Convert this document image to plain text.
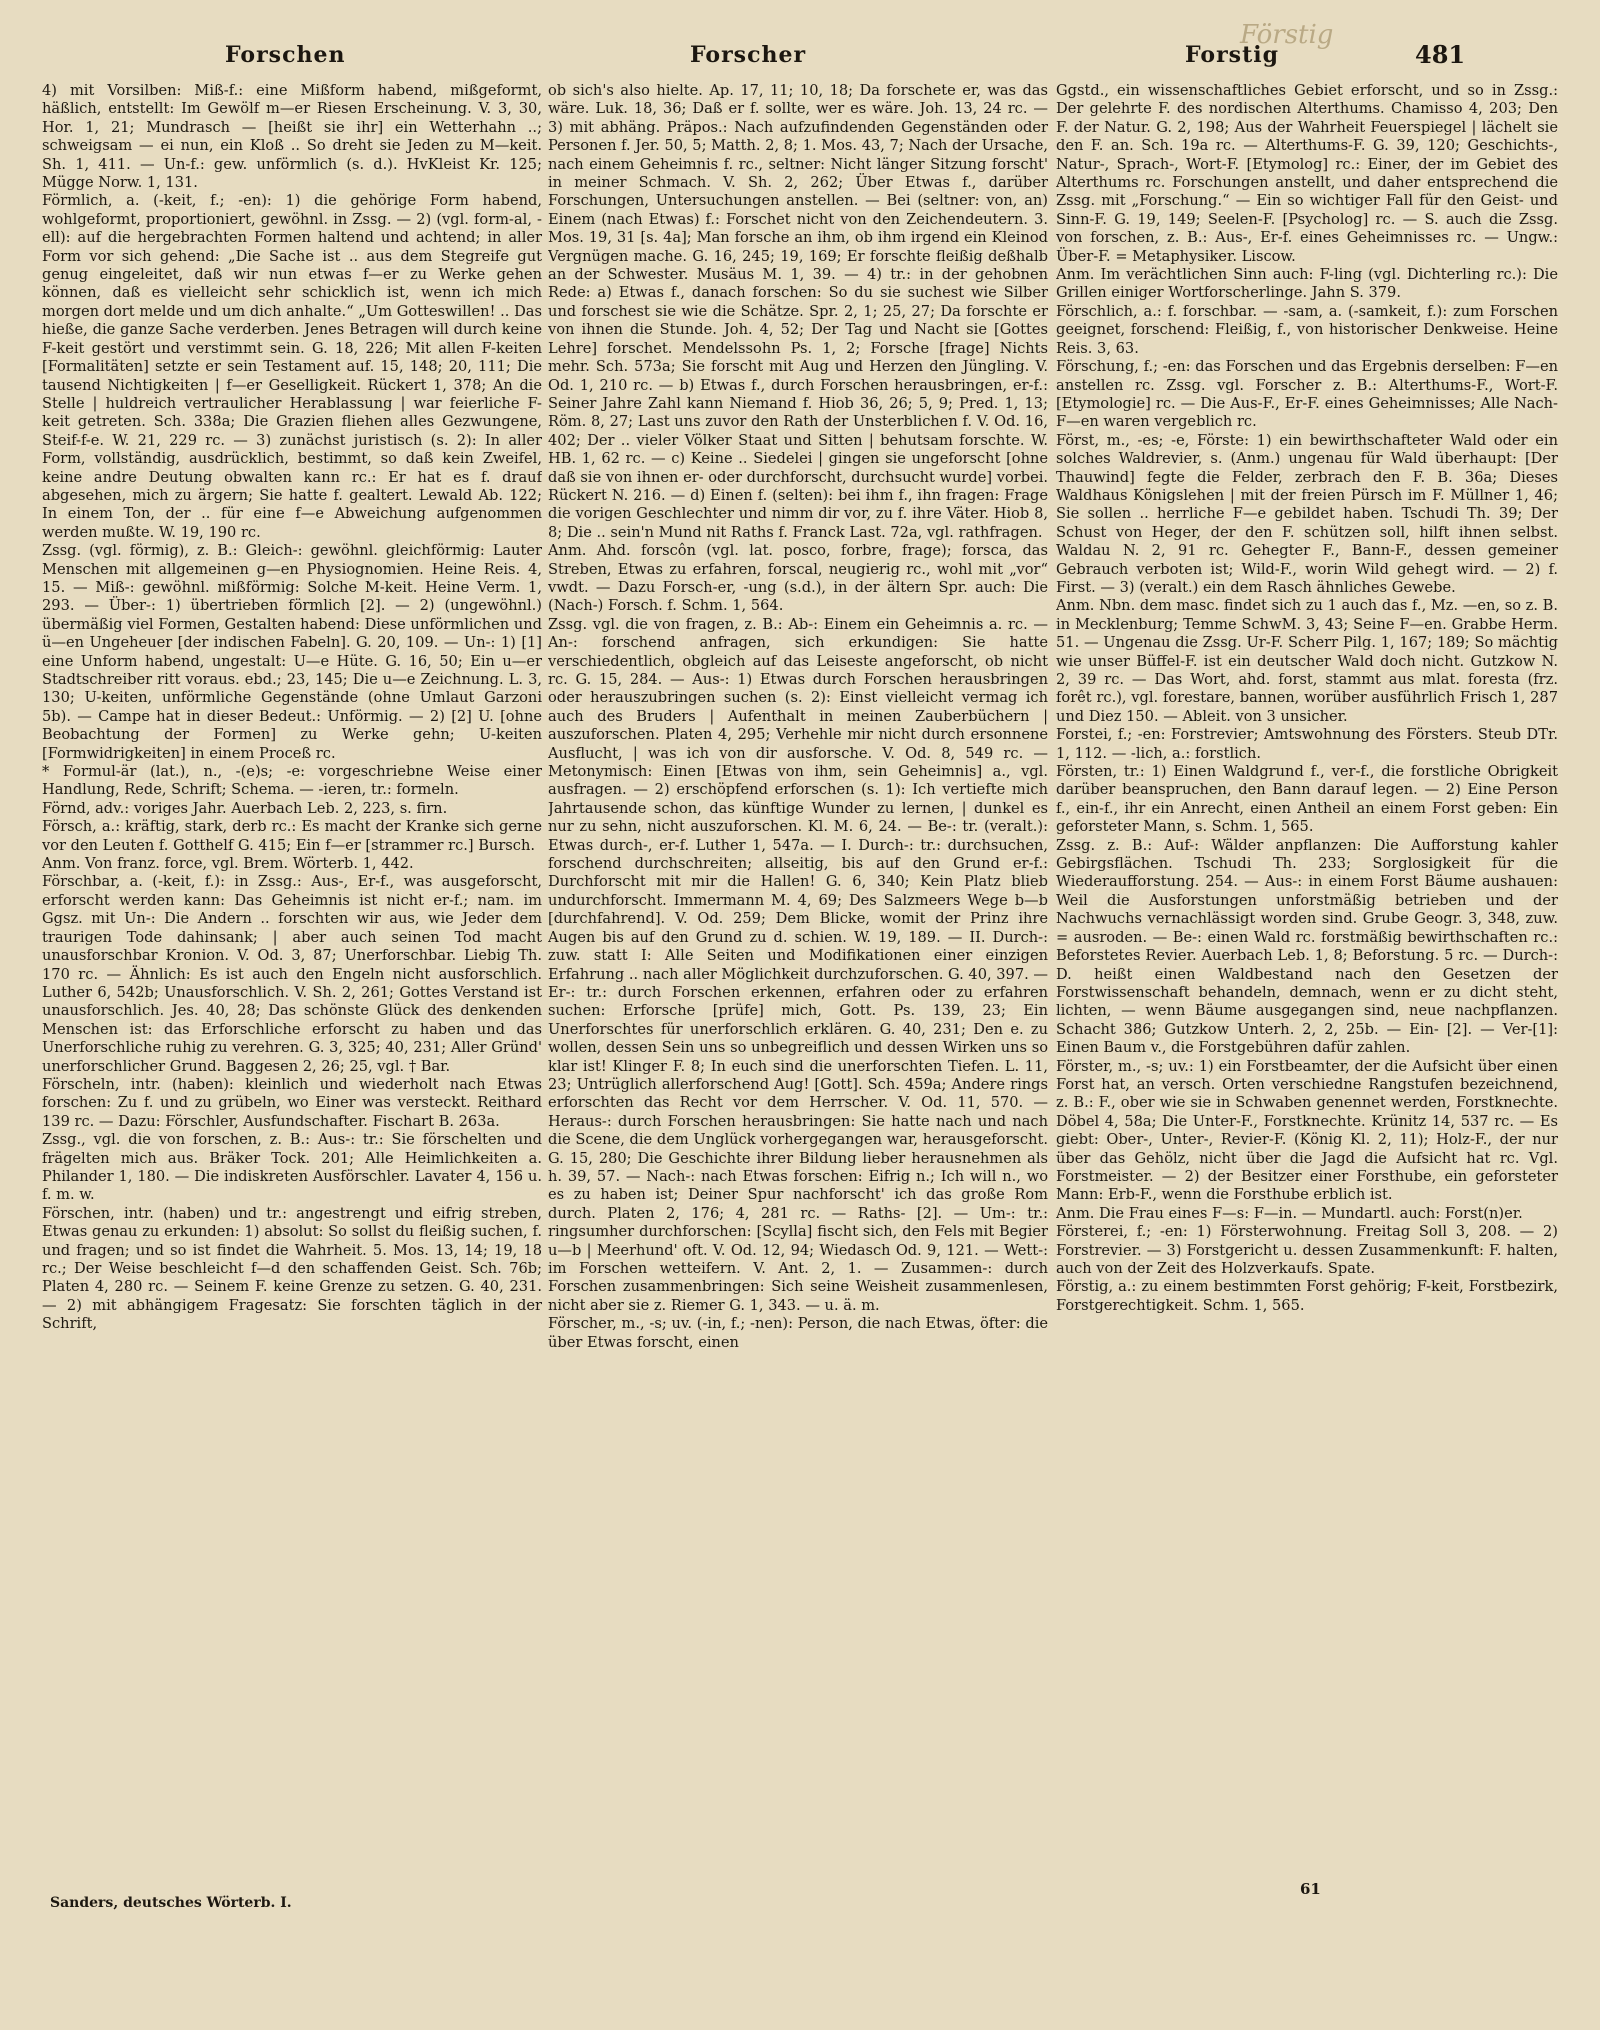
Forschen	Forscher	Forstig
Förstig
481

4) mit Vorsilben: Miß-f.: eine Mißform habend, mißgeformt, häßlich, entstellt: Im Gewölf m—er Riesen Erscheinung. V. 3, 30, Hor. 1, 21; Mundrasch — [heißt sie ihr] ein Wetterhahn ..; schweigsam — ei nun, ein Kloß .. So dreht sie Jeden zu M—keit. Sh. 1, 411. — Un-f.: gew. unförmlich (s. d.). HvKleist Kr. 125; Mügge Norw. 1, 131.

Förmlich, a. (-keit, f.; -en): 1) die gehörige Form habend, wohlgeformt, proportioniert, gewöhnl. in Zssg. — 2) (vgl. form-al, -ell): auf die hergebrachten Formen haltend und achtend; in aller Form vor sich gehend: „Die Sache ist .. aus dem Stegreife gut genug eingeleitet, daß wir nun etwas f—er zu Werke gehen können, daß es vielleicht sehr schicklich ist, wenn ich mich morgen dort melde und um dich anhalte.“ „Um Gotteswillen! .. Das hieße, die ganze Sache verderben. Jenes Betragen will durch keine F-keit gestört und verstimmt sein. G. 18, 226; Mit allen F-keiten [Formalitäten] setzte er sein Testament auf. 15, 148; 20, 111; Die tausend Nichtigkeiten | f—er Geselligkeit. Rückert 1, 378; An die Stelle | huldreich vertraulicher Herablassung | war feierliche F-keit getreten. Sch. 338a; Die Grazien fliehen alles Gezwungene, Steif-f-e. W. 21, 229 rc. — 3) zunächst juristisch (s. 2): In aller Form, vollständig, ausdrücklich, bestimmt, so daß kein Zweifel, keine andre Deutung obwalten kann rc.: Er hat es f. drauf abgesehen, mich zu ärgern; Sie hatte f. gealtert. Lewald Ab. 122; In einem Ton, der .. für eine f—e Abweichung aufgenommen werden mußte. W. 19, 190 rc.

Zssg. (vgl. förmig), z. B.: Gleich-: gewöhnl. gleichförmig: Lauter Menschen mit allgemeinen g—en Physiognomien. Heine Reis. 4, 15. — Miß-: gewöhnl. mißförmig: Solche M-keit. Heine Verm. 1, 293. — Über-: 1) übertrieben förmlich [2]. — 2) (ungewöhnl.) übermäßig viel Formen, Gestalten habend: Diese unförmlichen und ü—en Ungeheuer [der indischen Fabeln]. G. 20, 109. — Un-: 1) [1] eine Unform habend, ungestalt: U—e Hüte. G. 16, 50; Ein u—er Stadtschreiber ritt voraus. ebd.; 23, 145; Die u—e Zeichnung. L. 3, 130; U-keiten, unförmliche Gegenstände (ohne Umlaut Garzoni 5b). — Campe hat in dieser Bedeut.: Unförmig. — 2) [2] U. [ohne Beobachtung der Formen] zu Werke gehn; U-keiten [Formwidrigkeiten] in einem Proceß rc.

* Formul-är (lat.), n., -(e)s; -e: vorgeschriebne Weise einer Handlung, Rede, Schrift; Schema. — -ieren, tr.: formeln.

Förnd, adv.: voriges Jahr. Auerbach Leb. 2, 223, s. firn.

Försch, a.: kräftig, stark, derb rc.: Es macht der Kranke sich gerne vor den Leuten f. Gotthelf G. 415; Ein f—er [strammer rc.] Bursch.

Anm. Von franz. force, vgl. Brem. Wörterb. 1, 442.

Förschbar, a. (-keit, f.): in Zssg.: Aus-, Er-f., was ausgeforscht, erforscht werden kann: Das Geheimnis ist nicht er-f.; nam. im Ggsz. mit Un-: Die Andern .. forschten wir aus, wie Jeder dem traurigen Tode dahinsank; | aber auch seinen Tod macht unausforschbar Kronion. V. Od. 3, 87; Unerforschbar. Liebig Th. 170 rc. — Ähnlich: Es ist auch den Engeln nicht ausforschlich. Luther 6, 542b; Unausforschlich. V. Sh. 2, 261; Gottes Verstand ist unausforschlich. Jes. 40, 28; Das schönste Glück des denkenden Menschen ist: das Erforschliche erforscht zu haben und das Unerforschliche ruhig zu verehren. G. 3, 325; 40, 231; Aller Gründ' unerforschlicher Grund. Baggesen 2, 26; 25, vgl. † Bar.

Förscheln, intr. (haben): kleinlich und wiederholt nach Etwas forschen: Zu f. und zu grübeln, wo Einer was versteckt. Reithard 139 rc. — Dazu: Förschler, Ausfundschafter. Fischart B. 263a.

Zssg., vgl. die von forschen, z. B.: Aus-: tr.: Sie förschelten und frägelten mich aus. Bräker Tock. 201; Alle Heimlichkeiten a. Philander 1, 180. — Die indiskreten Ausförschler. Lavater 4, 156 u. f. m. w.

Förschen, intr. (haben) und tr.: angestrengt und eifrig streben, Etwas genau zu erkunden: 1) absolut: So sollst du fleißig suchen, f. und fragen; und so ist findet die Wahrheit. 5. Mos. 13, 14; 19, 18 rc.; Der Weise beschleicht f—d den schaffenden Geist. Sch. 76b; Platen 4, 280 rc. — Seinem F. keine Grenze zu setzen. G. 40, 231. — 2) mit abhängigem Fragesatz: Sie forschten täglich in der Schrift,

ob sich's also hielte. Ap. 17, 11; 10, 18; Da forschete er, was das wäre. Luk. 18, 36; Daß er f. sollte, wer es wäre. Joh. 13, 24 rc. — 3) mit abhäng. Präpos.: Nach aufzufindenden Gegenständen oder Personen f. Jer. 50, 5; Matth. 2, 8; 1. Mos. 43, 7; Nach der Ursache, nach einem Geheimnis f. rc., seltner: Nicht länger Sitzung forscht' in meiner Schmach. V. Sh. 2, 262; Über Etwas f., darüber Forschungen, Untersuchungen anstellen. — Bei (seltner: von, an) Einem (nach Etwas) f.: Forschet nicht von den Zeichendeutern. 3. Mos. 19, 31 [s. 4a]; Man forsche an ihm, ob ihm irgend ein Kleinod Vergnügen mache. G. 16, 245; 19, 169; Er forschte fleißig deßhalb an der Schwester. Musäus M. 1, 39. — 4) tr.: in der gehobnen Rede: a) Etwas f., danach forschen: So du sie suchest wie Silber und forschest sie wie die Schätze. Spr. 2, 1; 25, 27; Da forschte er von ihnen die Stunde. Joh. 4, 52; Der Tag und Nacht sie [Gottes Lehre] forschet. Mendelssohn Ps. 1, 2; Forsche [frage] Nichts mehr. Sch. 573a; Sie forscht mit Aug und Herzen den Jüngling. V. Od. 1, 210 rc. — b) Etwas f., durch Forschen herausbringen, er-f.: Seiner Jahre Zahl kann Niemand f. Hiob 36, 26; 5, 9; Pred. 1, 13; Röm. 8, 27; Last uns zuvor den Rath der Unsterblichen f. V. Od. 16, 402; Der .. vieler Völker Staat und Sitten | behutsam forschte. W. HB. 1, 62 rc. — c) Keine .. Siedelei | gingen sie ungeforscht [ohne daß sie von ihnen er- oder durchforscht, durchsucht wurde] vorbei. Rückert N. 216. — d) Einen f. (selten): bei ihm f., ihn fragen: Frage die vorigen Geschlechter und nimm dir vor, zu f. ihre Väter. Hiob 8, 8; Die .. sein'n Mund nit Raths f. Franck Last. 72a, vgl. rathfragen.

Anm. Ahd. forscôn (vgl. lat. posco, forbre, frage); forsca, das Streben, Etwas zu erfahren, forscal, neugierig rc., wohl mit „vor“ vwdt. — Dazu Forsch-er, -ung (s.d.), in der ältern Spr. auch: Die (Nach-) Forsch. f. Schm. 1, 564.

Zssg. vgl. die von fragen, z. B.: Ab-: Einem ein Geheimnis a. rc. — An-: forschend anfragen, sich erkundigen: Sie hatte verschiedentlich, obgleich auf das Leiseste angeforscht, ob nicht rc. G. 15, 284. — Aus-: 1) Etwas durch Forschen herausbringen oder herauszubringen suchen (s. 2): Einst vielleicht vermag ich auch des Bruders | Aufenthalt in meinen Zauberbüchern | auszuforschen. Platen 4, 295; Verhehle mir nicht durch ersonnene Ausflucht, | was ich von dir ausforsche. V. Od. 8, 549 rc. — Metonymisch: Einen [Etwas von ihm, sein Geheimnis] a., vgl. ausfragen. — 2) erschöpfend erforschen (s. 1): Ich vertiefte mich Jahrtausende schon, das künftige Wunder zu lernen, | dunkel es nur zu sehn, nicht auszuforschen. Kl. M. 6, 24. — Be-: tr. (veralt.): Etwas durch-, er-f. Luther 1, 547a. — I. Durch-: tr.: durchsuchen, forschend durchschreiten; allseitig, bis auf den Grund er-f.: Durchforscht mit mir die Hallen! G. 6, 340; Kein Platz blieb undurchforscht. Immermann M. 4, 69; Des Salzmeers Wege b—b [durchfahrend]. V. Od. 259; Dem Blicke, womit der Prinz ihre Augen bis auf den Grund zu d. schien. W. 19, 189. — II. Durch-: zuw. statt I: Alle Seiten und Modifikationen einer einzigen Erfahrung .. nach aller Möglichkeit durchzuforschen. G. 40, 397. — Er-: tr.: durch Forschen erkennen, erfahren oder zu erfahren suchen: Erforsche [prüfe] mich, Gott. Ps. 139, 23; Ein Unerforschtes für unerforschlich erklären. G. 40, 231; Den e. zu wollen, dessen Sein uns so unbegreiflich und dessen Wirken uns so klar ist! Klinger F. 8; In euch sind die unerforschten Tiefen. L. 11, 23; Untrüglich allerforschend Aug! [Gott]. Sch. 459a; Andere rings erforschten das Recht vor dem Herrscher. V. Od. 11, 570. — Heraus-: durch Forschen herausbringen: Sie hatte nach und nach die Scene, die dem Unglück vorhergegangen war, herausgeforscht. G. 15, 280; Die Geschichte ihrer Bildung lieber herausnehmen als h. 39, 57. — Nach-: nach Etwas forschen: Eifrig n.; Ich will n., wo es zu haben ist; Deiner Spur nachforscht' ich das große Rom durch. Platen 2, 176; 4, 281 rc. — Raths- [2]. — Um-: tr.: ringsumher durchforschen: [Scylla] fischt sich, den Fels mit Begier u—b | Meerhund' oft. V. Od. 12, 94; Wiedasch Od. 9, 121. — Wett-: im Forschen wetteifern. V. Ant. 2, 1. — Zusammen-: durch Forschen zusammenbringen: Sich seine Weisheit zusammenlesen, nicht aber sie z. Riemer G. 1, 343. — u. ä. m.

Förscher, m., -s; uv. (-in, f.; -nen): Person, die nach Etwas, öfter: die über Etwas forscht, einen

Ggstd., ein wissenschaftliches Gebiet erforscht, und so in Zssg.: Der gelehrte F. des nordischen Alterthums. Chamisso 4, 203; Den F. der Natur. G. 2, 198; Aus der Wahrheit Feuerspiegel | lächelt sie den F. an. Sch. 19a rc. — Alterthums-F. G. 39, 120; Geschichts-, Natur-, Sprach-, Wort-F. [Etymolog] rc.: Einer, der im Gebiet des Alterthums rc. Forschungen anstellt, und daher entsprechend die Zssg. mit „Forschung.“ — Ein so wichtiger Fall für den Geist- und Sinn-F. G. 19, 149; Seelen-F. [Psycholog] rc. — S. auch die Zssg. von forschen, z. B.: Aus-, Er-f. eines Geheimnisses rc. — Ungw.: Über-F. = Metaphysiker. Liscow.

Anm. Im verächtlichen Sinn auch: F-ling (vgl. Dichterling rc.): Die Grillen einiger Wortforscherlinge. Jahn S. 379.

Förschlich, a.: f. forschbar. — -sam, a. (-samkeit, f.): zum Forschen geeignet, forschend: Fleißig, f., von historischer Denkweise. Heine Reis. 3, 63.

Förschung, f.; -en: das Forschen und das Ergebnis derselben: F—en anstellen rc. Zssg. vgl. Forscher z. B.: Alterthums-F., Wort-F. [Etymologie] rc. — Die Aus-F., Er-F. eines Geheimnisses; Alle Nach-F—en waren vergeblich rc.

Först, m., -es; -e, Förste: 1) ein bewirthschafteter Wald oder ein solches Waldrevier, s. (Anm.) ungenau für Wald überhaupt: [Der Thauwind] fegte die Felder, zerbrach den F. B. 36a; Dieses Waldhaus Königslehen | mit der freien Pürsch im F. Müllner 1, 46; Sie sollen .. herrliche F—e gebildet haben. Tschudi Th. 39; Der Schust von Heger, der den F. schützen soll, hilft ihnen selbst. Waldau N. 2, 91 rc. Gehegter F., Bann-F., dessen gemeiner Gebrauch verboten ist; Wild-F., worin Wild gehegt wird. — 2) f. First. — 3) (veralt.) ein dem Rasch ähnliches Gewebe.

Anm. Nbn. dem masc. findet sich zu 1 auch das f., Mz. —en, so z. B. in Mecklenburg; Temme SchwM. 3, 43; Seine F—en. Grabbe Herm. 51. — Ungenau die Zssg. Ur-F. Scherr Pilg. 1, 167; 189; So mächtig wie unser Büffel-F. ist ein deutscher Wald doch nicht. Gutzkow N. 2, 39 rc. — Das Wort, ahd. forst, stammt aus mlat. foresta (frz. forêt rc.), vgl. forestare, bannen, worüber ausführlich Frisch 1, 287 und Diez 150. — Ableit. von 3 unsicher.

Forstei, f.; -en: Forstrevier; Amtswohnung des Försters. Steub DTr. 1, 112. — -lich, a.: forstlich.

Försten, tr.: 1) Einen Waldgrund f., ver-f., die forstliche Obrigkeit darüber beanspruchen, den Bann darauf legen. — 2) Eine Person f., ein-f., ihr ein Anrecht, einen Antheil an einem Forst geben: Ein geforsteter Mann, s. Schm. 1, 565.

Zssg. z. B.: Auf-: Wälder anpflanzen: Die Aufforstung kahler Gebirgsflächen. Tschudi Th. 233; Sorglosigkeit für die Wiederaufforstung. 254. — Aus-: in einem Forst Bäume aushauen: Weil die Ausforstungen unforstmäßig betrieben und der Nachwuchs vernachlässigt worden sind. Grube Geogr. 3, 348, zuw. = ausroden. — Be-: einen Wald rc. forstmäßig bewirthschaften rc.: Beforstetes Revier. Auerbach Leb. 1, 8; Beforstung. 5 rc. — Durch-: D. heißt einen Waldbestand nach den Gesetzen der Forstwissenschaft behandeln, demnach, wenn er zu dicht steht, lichten, — wenn Bäume ausgegangen sind, neue nachpflanzen. Schacht 386; Gutzkow Unterh. 2, 2, 25b. — Ein- [2]. — Ver-[1]: Einen Baum v., die Forstgebühren dafür zahlen.

Förster, m., -s; uv.: 1) ein Forstbeamter, der die Aufsicht über einen Forst hat, an versch. Orten verschiedne Rangstufen bezeichnend, z. B.: F., ober wie sie in Schwaben genennet werden, Forstknechte. Döbel 4, 58a; Die Unter-F., Forstknechte. Krünitz 14, 537 rc. — Es giebt: Ober-, Unter-, Revier-F. (König Kl. 2, 11); Holz-F., der nur über das Gehölz, nicht über die Jagd die Aufsicht hat rc. Vgl. Forstmeister. — 2) der Besitzer einer Forsthube, ein geforsteter Mann: Erb-F., wenn die Forsthube erblich ist.

Anm. Die Frau eines F—s: F—in. — Mundartl. auch: Forst(n)er.

Försterei, f.; -en: 1) Försterwohnung. Freitag Soll 3, 208. — 2) Forstrevier. — 3) Forstgericht u. dessen Zusammenkunft: F. halten, auch von der Zeit des Holzverkaufs. Spate.

Förstig, a.: zu einem bestimmten Forst gehörig; F-keit, Forstbezirk, Forstgerechtigkeit. Schm. 1, 565.

Sanders, deutsches Wörterb. I.
61
